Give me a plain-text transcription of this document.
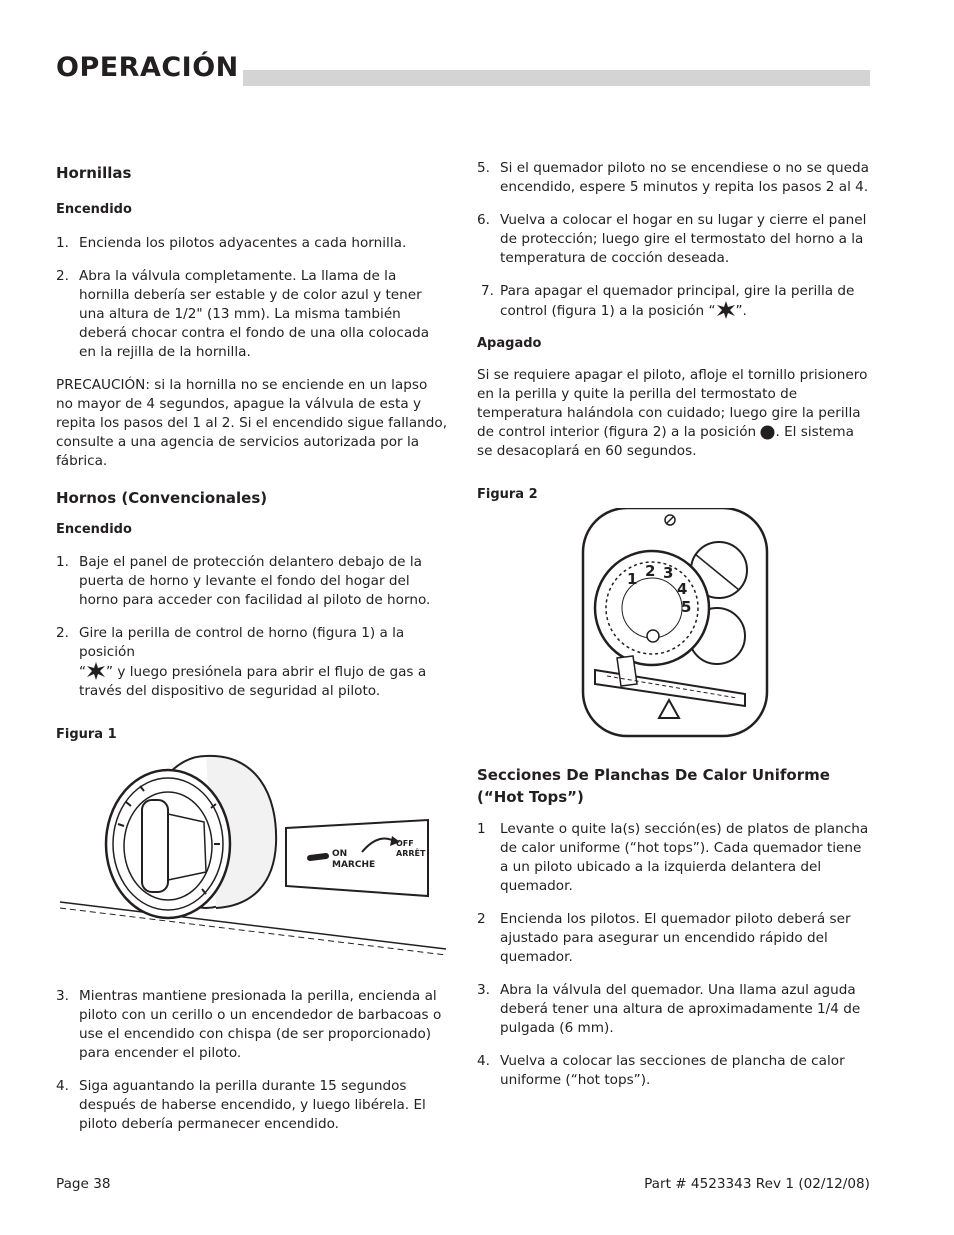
OPERACIÓN

Hornillas

Encendido

1. Encienda los pilotos adyacentes a cada hornilla.
2. Abra la válvula completamente. La llama de la hornilla debería ser estable y de color azul y tener una altura de 1/2" (13 mm). La misma también deberá chocar contra el fondo de una olla colocada en la rejilla de la hornilla.

PRECAUCIÓN: si la hornilla no se enciende en un lapso no mayor de 4 segundos, apague la válvula de esta y repita los pasos del 1 al 2. Si el encendido sigue fallando, consulte a una agencia de servicios autorizada por la fábrica.

Hornos (Convencionales)

Encendido

1. Baje el panel de protección delantero debajo de la puerta de horno y levante el fondo del hogar del horno para acceder con facilidad al piloto de horno.
2. Gire la perilla de control de horno (figura 1) a la posición
“ ” y luego presiónela para abrir el flujo de gas a través del dispositivo de seguridad al piloto.

Figura 1

ON
MARCHE
OFF
ARRÊT
3. Mientras mantiene presionada la perilla, encienda al piloto con un cerillo o un encendedor de barbacoas o use el encendido con chispa (de ser proporcionado) para encender el piloto.
4. Siga aguantando la perilla durante 15 segundos después de haberse encendido, y luego libérela. El piloto debería permanecer encendido.
5. Si el quemador piloto no se encendiese o no se queda encendido, espere 5 minutos y repita los pasos 2 al 4.
6. Vuelva a colocar el hogar en su lugar y cierre el panel de protección; luego gire el termostato del horno a la temperatura de cocción deseada.
7. Para apagar el quemador principal, gire la perilla de control (figura 1) a la posición “ ”.

Apagado

Si se requiere apagar el piloto, afloje el tornillo prisionero en la perilla y quite la perilla del termostato de temperatura halándola con cuidado; luego gire la perilla de control interior (figura 2) a la posición . El sistema se desacoplará en 60 segundos.

Figura 2

1 2 3
4
5

Secciones De Planchas De Calor Uniforme (“Hot Tops”)

1	Levante o quite la(s) sección(es) de platos de plancha de calor uniforme (“hot tops”). Cada quemador tiene a un piloto ubicado a la izquierda delantera del quemador.
2	Encienda los pilotos. El quemador piloto deberá ser ajustado para asegurar un encendido rápido del quemador.
3. Abra la válvula del quemador. Una llama azul aguda deberá tener una altura de aproximadamente 1/4 de pulgada (6 mm).
4. Vuelva a colocar las secciones de plancha de calor uniforme (“hot tops”).
Page 38	Part # 4523343 Rev 1 (02/12/08)
